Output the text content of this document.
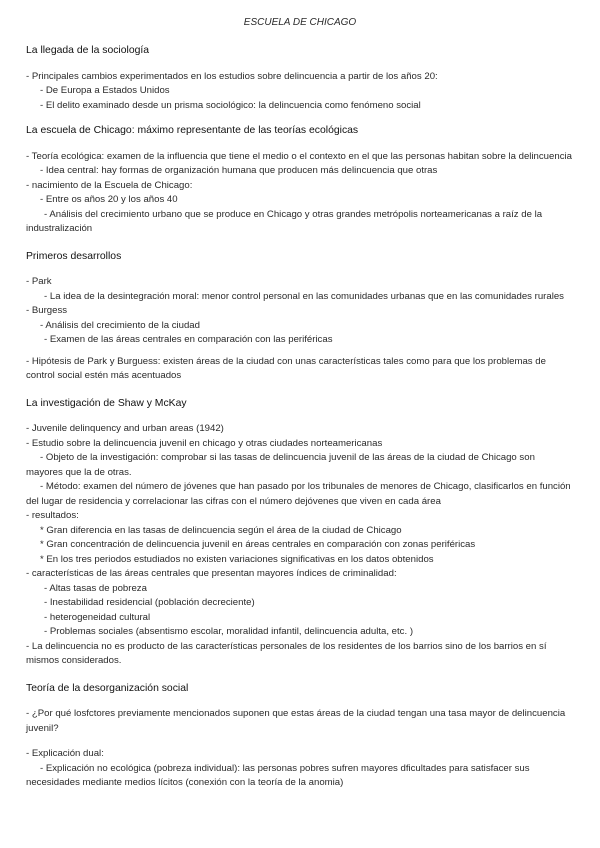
ESCUELA DE CHICAGO
La llegada de la sociología
- Principales cambios experimentados en los estudios sobre delincuencia a partir de los años 20:
- De Europa a Estados Unidos
- El delito examinado desde un prisma sociológico: la delincuencia como fenómeno social
La escuela de Chicago: máximo representante de las teorías ecológicas
- Teoría ecológica: examen de la influencia que tiene el medio o el contexto en el que las personas habitan sobre la delincuencia
- Idea central: hay formas de organización humana que producen más delincuencia que otras
- nacimiento de la Escuela de Chicago:
- Entre os años 20 y los años 40
- Análisis del crecimiento urbano que se produce en Chicago y otras grandes metrópolis norteamericanas a raíz de la industralización
Primeros desarrollos
- Park
- La idea de la desintegración moral: menor control personal en las comunidades urbanas que en las comunidades rurales
- Burgess
- Análisis del crecimiento de la ciudad
- Examen de las áreas centrales en comparación con las periféricas
- Hipótesis de Park y Burguess: existen áreas de la ciudad con unas características tales como para que los problemas de control social estén más acentuados
La investigación de Shaw y McKay
- Juvenile delinquency and urban areas (1942)
- Estudio sobre la delincuencia juvenil en chicago y otras ciudades norteamericanas
- Objeto de la investigación: comprobar si las tasas de delincuencia juvenil de las áreas de la ciudad de Chicago son mayores que la de otras.
- Método: examen del número de jóvenes que han pasado por los tribunales de menores de Chicago, clasificarlos en función del lugar de residencia y correlacionar las cifras con el número dejóvenes que viven en cada área
- resultados:
* Gran diferencia en las tasas de delincuencia según el área de la ciudad de Chicago
* Gran concentración de delincuencia juvenil en áreas centrales en comparación con zonas periféricas
* En los tres periodos estudiados no existen variaciones significativas en los datos obtenidos
- características de las áreas centrales que presentan mayores índices de criminalidad:
- Altas tasas de pobreza
- Inestabilidad residencial (población decreciente)
- heterogeneidad cultural
- Problemas sociales (absentismo escolar, moralidad infantil, delincuencia adulta, etc. )
- La delincuencia no es producto de las características personales de los residentes de los barrios sino de los barrios en sí mismos considerados.
Teoría de la desorganización social
- ¿Por qué losfctores previamente mencionados suponen que estas áreas de la ciudad tengan una tasa mayor de delincuencia juvenil?
- Explicación dual:
- Explicación no ecológica (pobreza individual): las personas pobres sufren mayores dficultades para satisfacer sus necesidades mediante medios lícitos (conexión con la teoría de la anomia)
